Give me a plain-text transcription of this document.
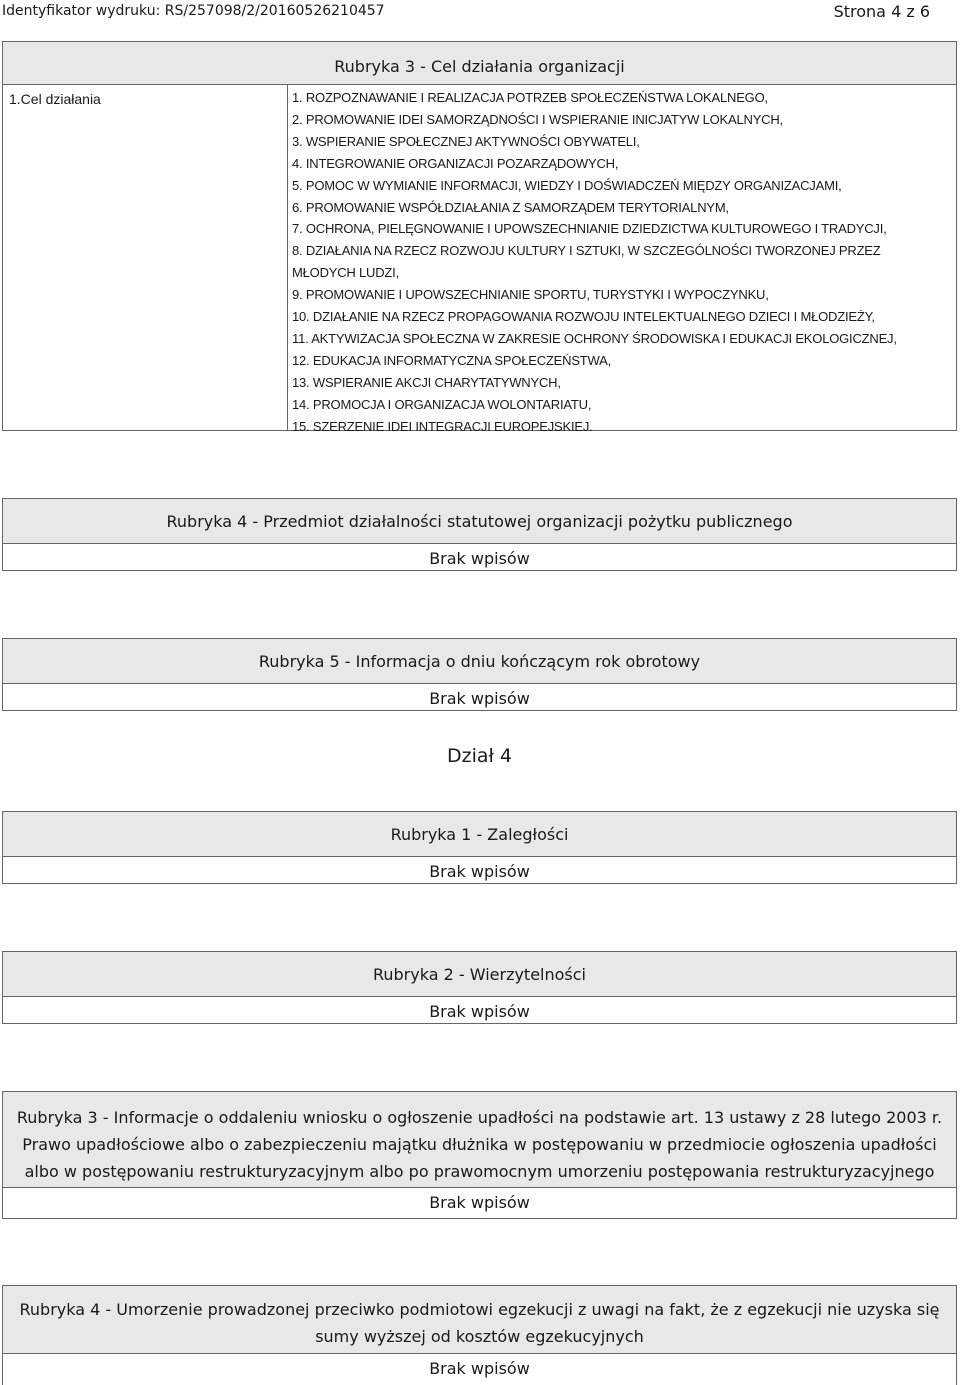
Identyfikator wydruku: RS/257098/2/20160526210457	Strona 4 z 6
Rubryka 3 - Cel działania organizacji
1.Cel działania	1. ROZPOZNAWANIE I REALIZACJA POTRZEB SPOŁECZEŃSTWA LOKALNEGO,
2. PROMOWANIE IDEI SAMORZĄDNOŚCI I WSPIERANIE INICJATYW LOKALNYCH,
3. WSPIERANIE SPOŁECZNEJ AKTYWNOŚCI OBYWATELI,
4. INTEGROWANIE ORGANIZACJI POZARZĄDOWYCH,
5. POMOC W WYMIANIE INFORMACJI, WIEDZY I DOŚWIADCZEŃ MIĘDZY ORGANIZACJAMI,
6. PROMOWANIE WSPÓŁDZIAŁANIA Z SAMORZĄDEM TERYTORIALNYM,
7. OCHRONA, PIELĘGNOWANIE I UPOWSZECHNIANIE DZIEDZICTWA KULTUROWEGO I TRADYCJI,
8. DZIAŁANIA NA RZECZ ROZWOJU KULTURY I SZTUKI, W SZCZEGÓLNOŚCI TWORZONEJ PRZEZ
MŁODYCH LUDZI,
9. PROMOWANIE I UPOWSZECHNIANIE SPORTU, TURYSTYKI I WYPOCZYNKU,
10. DZIAŁANIE NA RZECZ PROPAGOWANIA ROZWOJU INTELEKTUALNEGO DZIECI I MŁODZIEŻY,
11. AKTYWIZACJA SPOŁECZNA W ZAKRESIE OCHRONY ŚRODOWISKA I EDUKACJI EKOLOGICZNEJ,
12. EDUKACJA INFORMATYCZNA SPOŁECZEŃSTWA,
13. WSPIERANIE AKCJI CHARYTATYWNYCH,
14. PROMOCJA I ORGANIZACJA WOLONTARIATU,
15. SZERZENIE IDEI INTEGRACJI EUROPEJSKIEJ.
Rubryka 4 - Przedmiot działalności statutowej organizacji pożytku publicznego
Brak wpisów
Rubryka 5 - Informacja o dniu kończącym rok obrotowy
Brak wpisów
Dział 4
Rubryka 1 - Zaległości
Brak wpisów
Rubryka 2 - Wierzytelności
Brak wpisów
Rubryka 3 - Informacje o oddaleniu wniosku o ogłoszenie upadłości na podstawie art. 13 ustawy z 28 lutego 2003 r. Prawo upadłościowe albo o zabezpieczeniu majątku dłużnika w postępowaniu w przedmiocie ogłoszenia upadłości albo w postępowaniu restrukturyzacyjnym albo po prawomocnym umorzeniu postępowania restrukturyzacyjnego
Brak wpisów
Rubryka 4 - Umorzenie prowadzonej przeciwko podmiotowi egzekucji z uwagi na fakt, że z egzekucji nie uzyska się sumy wyższej od kosztów egzekucyjnych
Brak wpisów
